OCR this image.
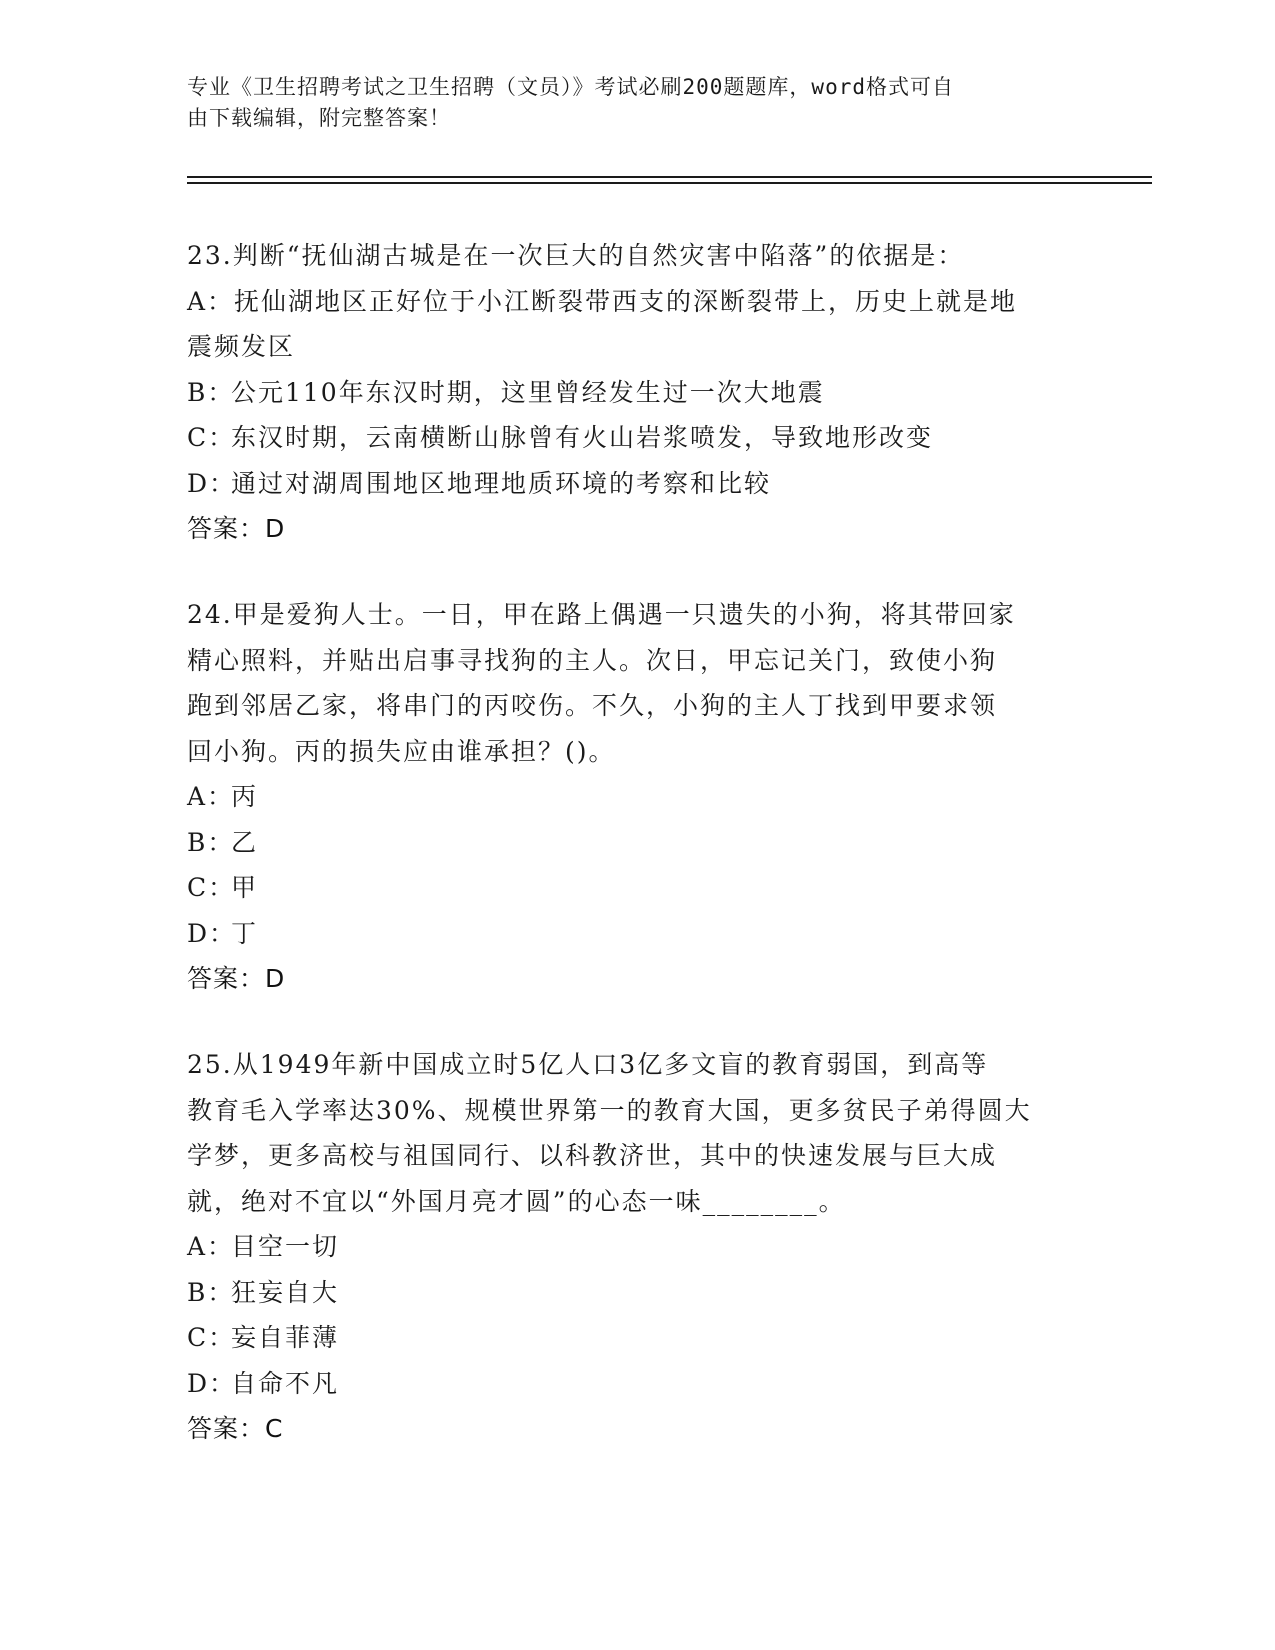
专业《卫生招聘考试之卫生招聘（文员）》考试必刷200题题库，word格式可自
由下载编辑，附完整答案！

23.判断“抚仙湖古城是在一次巨大的自然灾害中陷落”的依据是：

A：抚仙湖地区正好位于小江断裂带西支的深断裂带上，历史上就是地

震频发区

B：公元110年东汉时期，这里曾经发生过一次大地震

C：东汉时期，云南横断山脉曾有火山岩浆喷发，导致地形改变

D：通过对湖周围地区地理地质环境的考察和比较

答案：D

24.甲是爱狗人士。一日，甲在路上偶遇一只遗失的小狗，将其带回家

精心照料，并贴出启事寻找狗的主人。次日，甲忘记关门，致使小狗

跑到邻居乙家，将串门的丙咬伤。不久，小狗的主人丁找到甲要求领

回小狗。丙的损失应由谁承担？()。

A：丙

B：乙

C：甲

D：丁

答案：D

25.从1949年新中国成立时5亿人口3亿多文盲的教育弱国，到高等

教育毛入学率达30%、规模世界第一的教育大国，更多贫民子弟得圆大

学梦，更多高校与祖国同行、以科教济世，其中的快速发展与巨大成

就，绝对不宜以“外国月亮才圆”的心态一味________。

A：目空一切

B：狂妄自大

C：妄自菲薄

D：自命不凡

答案：C
